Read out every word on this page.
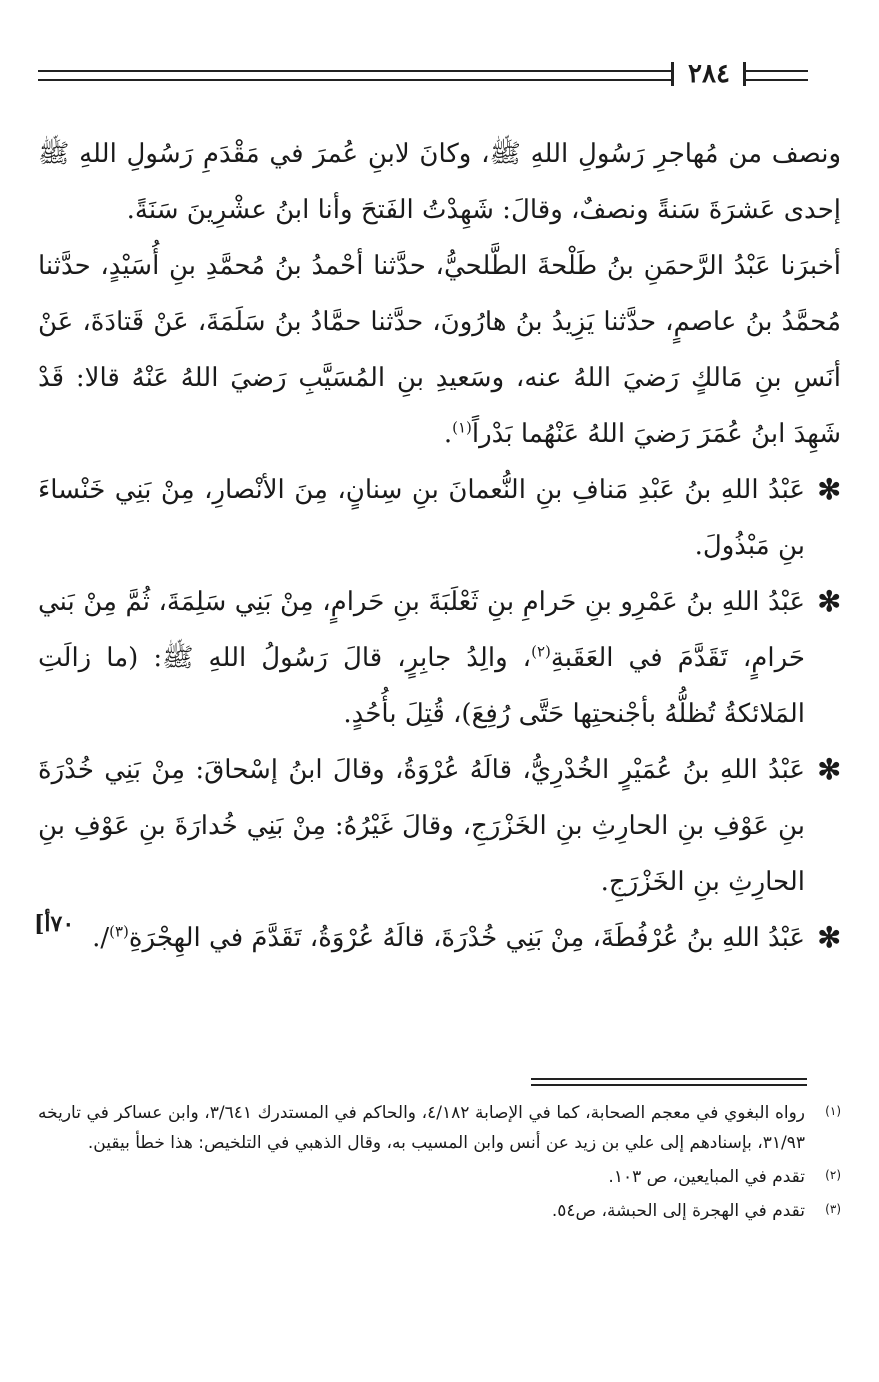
٢٨٤

ونصف من مُهاجرِ رَسُولِ اللهِ ﷺ، وكانَ لابنِ عُمرَ في مَقْدَمِ رَسُولِ اللهِ ﷺ إحدى عَشرَةَ سَنةً ونصفٌ، وقالَ: شَهِدْتُ الفَتحَ وأنا ابنُ عشْرِينَ سَنَةً.

أخبرَنا عَبْدُ الرَّحمَنِ بنُ طَلْحةَ الطَّلحيُّ، حدَّثنا أحْمدُ بنُ مُحمَّدِ بنِ أُسَيْدٍ، حدَّثنا مُحمَّدُ بنُ عاصمٍ، حدَّثنا يَزِيدُ بنُ هارُونَ، حدَّثنا حمَّادُ بنُ سَلَمَةَ، عَنْ قَتادَةَ، عَنْ أنَسِ بنِ مَالكٍ رَضيَ اللهُ عنه، وسَعيدِ بنِ المُسَيَّبِ رَضيَ اللهُ عَنْهُ قالا: قَدْ شَهِدَ ابنُ عُمَرَ رَضيَ اللهُ عَنْهُما بَدْراً$^{(١)}$.

✻
عَبْدُ اللهِ بنُ عَبْدِ مَنافِ بنِ النُّعمانَ بنِ سِنانٍ، مِنَ الأنْصارِ، مِنْ بَنِي خَنْساءَ بنِ مَبْذُولَ.

✻
عَبْدُ اللهِ بنُ عَمْرِو بنِ حَرامِ بنِ ثَعْلَبَةَ بنِ حَرامٍ، مِنْ بَنِي سَلِمَةَ، ثُمَّ مِنْ بَني حَرامٍ، تَقَدَّمَ في العَقَبةِ$^{(٢)}$، والِدُ جابِرٍ، قالَ رَسُولُ اللهِ ﷺ: (ما زالَتِ المَلائكةُ تُظلُّهُ بأجْنحتِها حَتَّى رُفِعَ)، قُتِلَ بأُحُدٍ.

✻
عَبْدُ اللهِ بنُ عُمَيْرٍ الخُدْرِيُّ، قالَهُ عُرْوَةُ، وقالَ ابنُ إسْحاقَ: مِنْ بَنِي خُدْرَةَ بنِ عَوْفِ بنِ الحارِثِ بنِ الخَزْرَجِ، وقالَ غَيْرُهُ: مِنْ بَنِي خُدارَةَ بنِ عَوْفِ بنِ الحارِثِ بنِ الخَزْرَجِ.

✻
عَبْدُ اللهِ بنُ عُرْفُطَةَ، مِنْ بَنِي خُدْرَةَ، قالَهُ عُرْوَةُ، تَقَدَّمَ في الهِجْرَةِ$^{(٣)}$/.
[٧٠أ

(١)
رواه البغوي في معجم الصحابة، كما في الإصابة ٤/١٨٢، والحاكم في المستدرك ٣/٦٤١، وابن عساكر في تاريخه ٣١/٩٣، بإسنادهم إلى علي بن زيد عن أنس وابن المسيب به، وقال الذهبي في التلخيص: هذا خطأ بيقين.

(٢)
تقدم في المبايعين، ص ١٠٣.

(٣)
تقدم في الهجرة إلى الحبشة، ص٥٤.
